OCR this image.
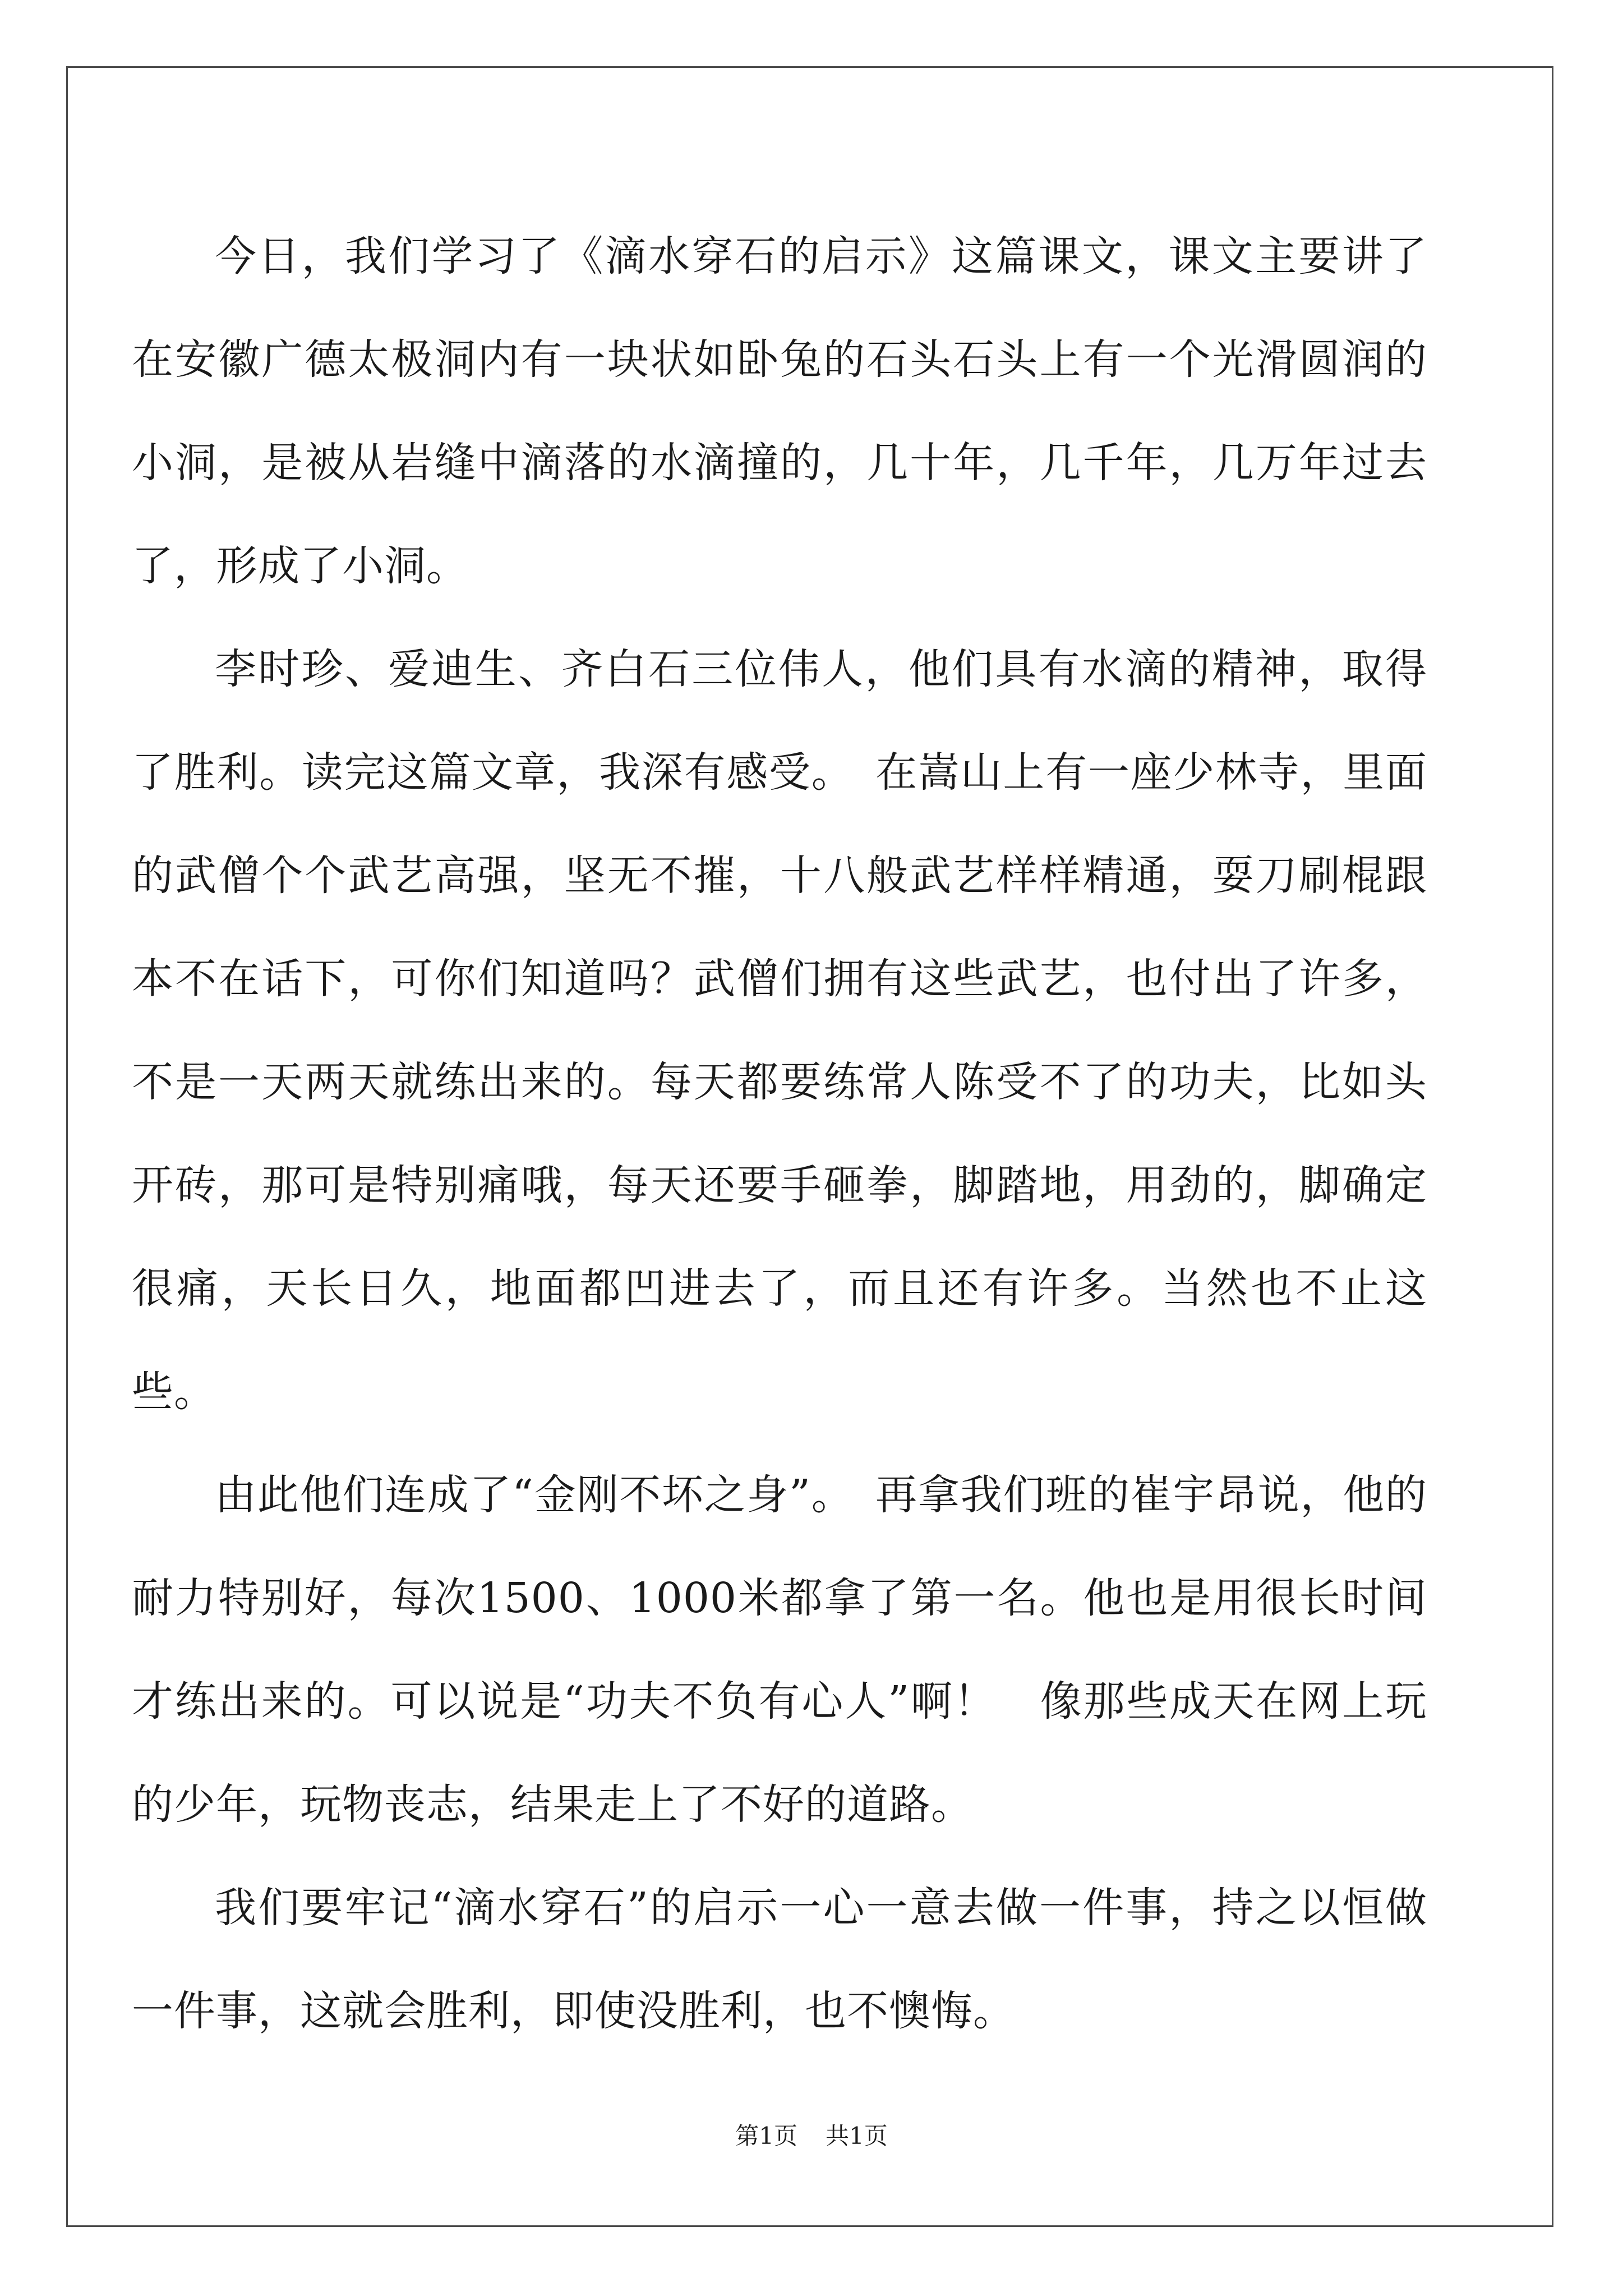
今日，我们学习了《滴水穿石的启示》这篇课文，课文主要讲了在安徽广德太极洞内有一块状如卧兔的石头石头上有一个光滑圆润的小洞，是被从岩缝中滴落的水滴撞的，几十年，几千年，几万年过去了，形成了小洞。

李时珍、爱迪生、齐白石三位伟人，他们具有水滴的精神，取得了胜利。读完这篇文章，我深有感受。　在嵩山上有一座少林寺，里面的武僧个个武艺高强，坚无不摧，十八般武艺样样精通，耍刀刷棍跟本不在话下，可你们知道吗？武僧们拥有这些武艺，也付出了许多，不是一天两天就练出来的。每天都要练常人陈受不了的功夫，比如头开砖，那可是特别痛哦，每天还要手砸拳，脚踏地，用劲的，脚确定很痛，天长日久，地面都凹进去了，而且还有许多。当然也不止这些。

由此他们连成了“金刚不坏之身”。　再拿我们班的崔宇昂说，他的耐力特别好，每次1500、1000米都拿了第一名。他也是用很长时间才练出来的。可以说是“功夫不负有心人”啊！　像那些成天在网上玩的少年，玩物丧志，结果走上了不好的道路。

我们要牢记“滴水穿石”的启示一心一意去做一件事，持之以恒做一件事，这就会胜利，即使没胜利，也不懊悔。

第1页 共1页
